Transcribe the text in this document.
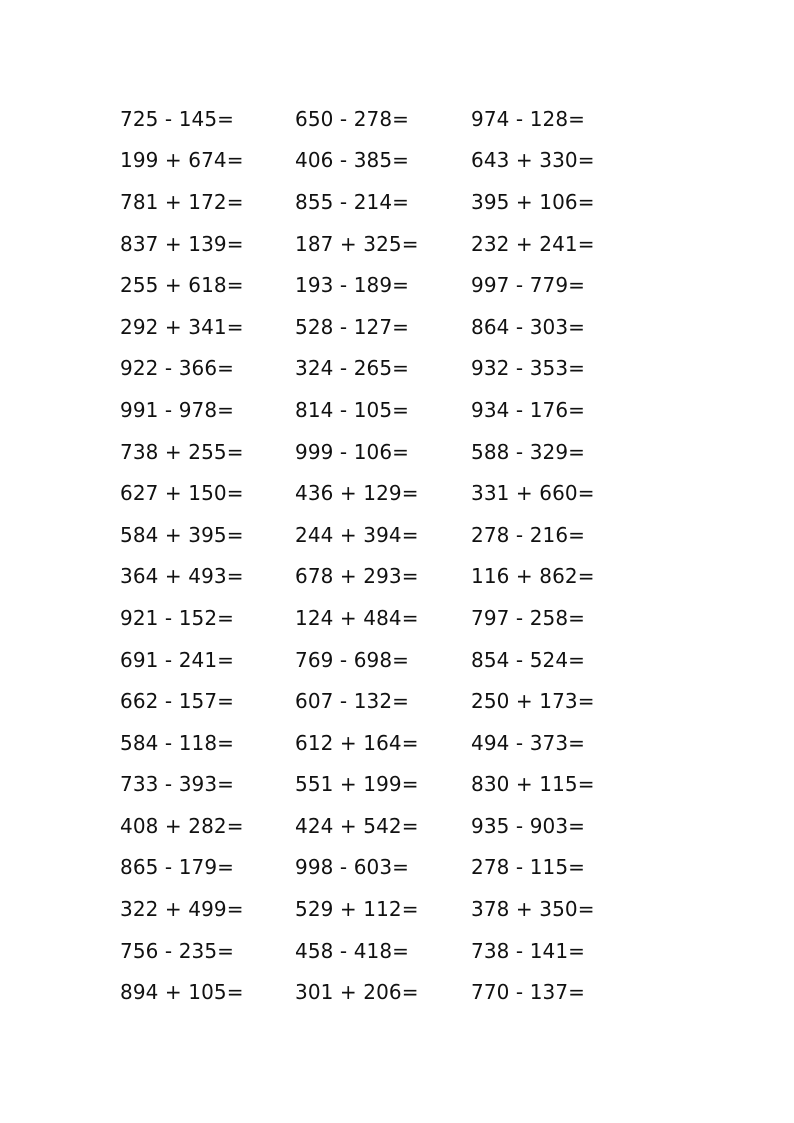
725 - 145=	650 - 278=	974 - 128=
199 + 674=	406 - 385=	643 + 330=
781 + 172=	855 - 214=	395 + 106=
837 + 139=	187 + 325=	232 + 241=
255 + 618=	193 - 189=	997 - 779=
292 + 341=	528 - 127=	864 - 303=
922 - 366=	324 - 265=	932 - 353=
991 - 978=	814 - 105=	934 - 176=
738 + 255=	999 - 106=	588 - 329=
627 + 150=	436 + 129=	331 + 660=
584 + 395=	244 + 394=	278 - 216=
364 + 493=	678 + 293=	116 + 862=
921 - 152=	124 + 484=	797 - 258=
691 - 241=	769 - 698=	854 - 524=
662 - 157=	607 - 132=	250 + 173=
584 - 118=	612 + 164=	494 - 373=
733 - 393=	551 + 199=	830 + 115=
408 + 282=	424 + 542=	935 - 903=
865 - 179=	998 - 603=	278 - 115=
322 + 499=	529 + 112=	378 + 350=
756 - 235=	458 - 418=	738 - 141=
894 + 105=	301 + 206=	770 - 137=
